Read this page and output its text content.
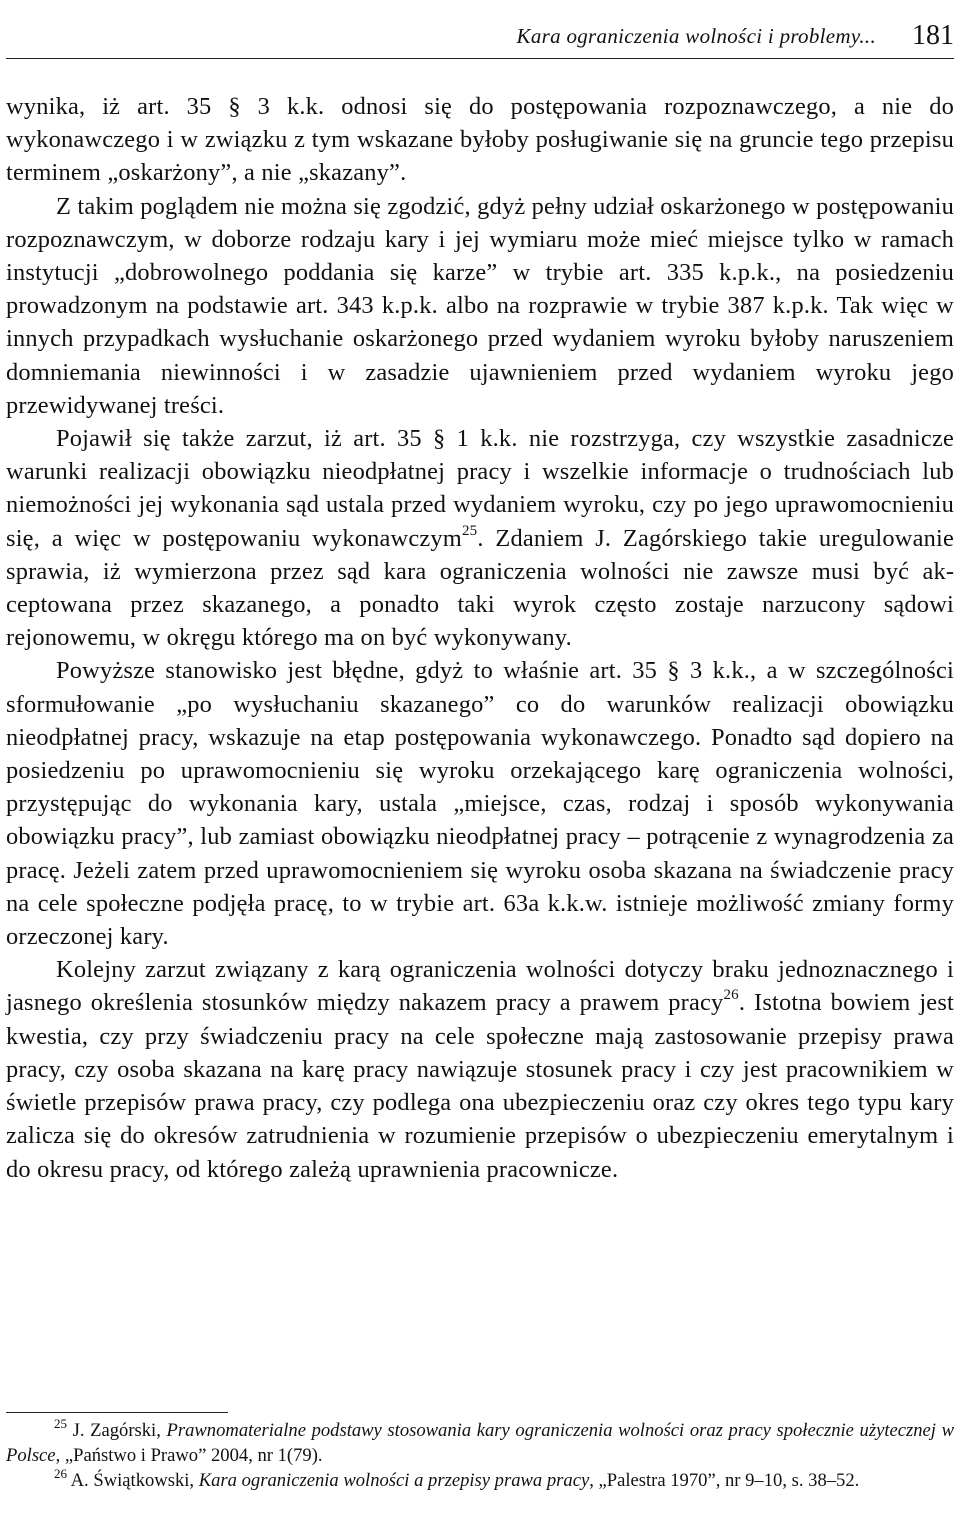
Kara ograniczenia wolności i problemy... 181

wynika, iż art. 35 § 3 k.k. odnosi się do postępowania rozpoznawczego, a nie do wykonawczego i w związku z tym wskazane byłoby posługiwanie się na gruncie tego przepisu terminem „oskarżony”, a nie „skazany”.

Z takim poglądem nie można się zgodzić, gdyż pełny udział oskarżonego w postępowaniu rozpoznawczym, w doborze rodzaju kary i jej wymiaru może mieć miejsce tylko w ramach instytucji „dobrowolnego poddania się karze” w trybie art. 335 k.p.k., na posiedzeniu prowadzonym na podstawie art. 343 k.p.k. albo na rozprawie w trybie 387 k.p.k. Tak więc w innych przypadkach wysłuchanie oskarżonego przed wydaniem wyroku byłoby naruszeniem domniemania niewinności i w zasadzie ujawnieniem przed wydaniem wyroku jego przewidywanej treści.

Pojawił się także zarzut, iż art. 35 § 1 k.k. nie rozstrzyga, czy wszystkie zasadnicze warunki realizacji obowiązku nieodpłatnej pracy i wszelkie informacje o trudnościach lub niemożności jej wykonania sąd ustala przed wydaniem wyroku, czy po jego uprawomocnieniu się, a więc w postępowaniu wykonawczym$^{25}$. Zdaniem J. Zagórskiego takie uregulowanie sprawia, iż wymierzona przez sąd kara ograniczenia wolności nie zawsze musi być akceptowana przez skazanego, a ponadto taki wyrok często zostaje narzucony sądowi rejonowemu, w okręgu którego ma on być wykonywany.

Powyższe stanowisko jest błędne, gdyż to właśnie art. 35 § 3 k.k., a w szczególności sformułowanie „po wysłuchaniu skazanego” co do warunków realizacji obowiązku nieodpłatnej pracy, wskazuje na etap postępowania wykonawczego. Ponadto sąd dopiero na posiedzeniu po uprawomocnieniu się wyroku orzekającego karę ograniczenia wolności, przystępując do wykonania kary, ustala „miejsce, czas, rodzaj i sposób wykonywania obowiązku pracy”, lub zamiast obowiązku nieodpłatnej pracy – potrącenie z wynagrodzenia za pracę. Jeżeli zatem przed uprawomocnieniem się wyroku osoba skazana na świadczenie pracy na cele społeczne podjęła pracę, to w trybie art. 63a k.k.w. istnieje możliwość zmiany formy orzeczonej kary.

Kolejny zarzut związany z karą ograniczenia wolności dotyczy braku jednoznacznego i jasnego określenia stosunków między nakazem pracy a prawem pracy$^{26}$. Istotna bowiem jest kwestia, czy przy świadczeniu pracy na cele społeczne mają zastosowanie przepisy prawa pracy, czy osoba skazana na karę pracy nawiązuje stosunek pracy i czy jest pracownikiem w świetle przepisów prawa pracy, czy podlega ona ubezpieczeniu oraz czy okres tego typu kary zalicza się do okresów zatrudnienia w rozumienie przepisów o ubezpieczeniu emerytalnym i do okresu pracy, od którego zależą uprawnienia pracownicze.

$^{25}$ J. Zagórski, Prawnomaterialne podstawy stosowania kary ograniczenia wolności oraz pracy społecznie użytecznej w Polsce, „Państwo i Prawo” 2004, nr 1(79).

$^{26}$ A. Świątkowski, Kara ograniczenia wolności a przepisy prawa pracy, „Palestra 1970”, nr 9–10, s. 38–52.
